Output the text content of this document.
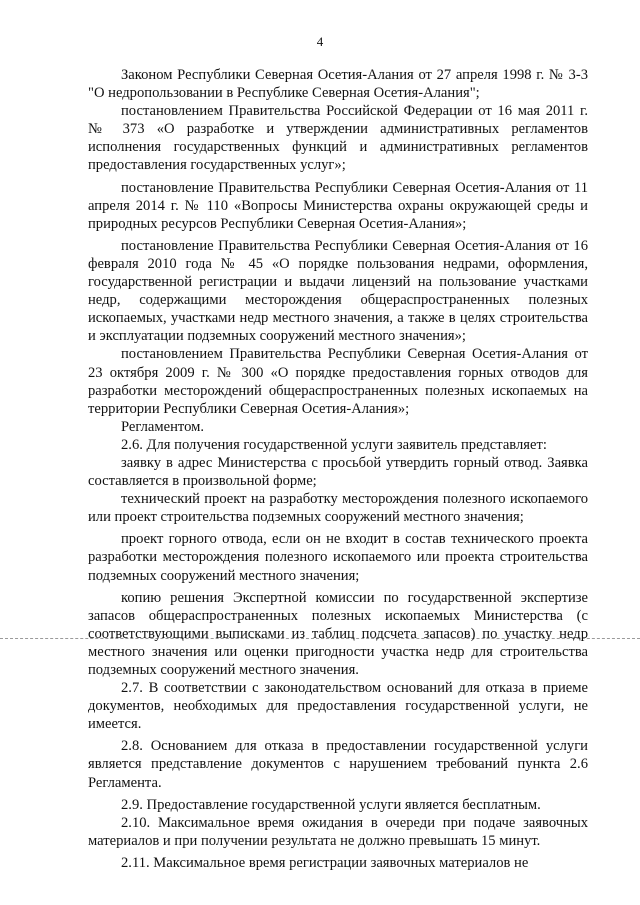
4

Законом Республики Северная Осетия-Алания от 27 апреля 1998 г. № 3-3 "О недропользовании в Республике Северная Осетия-Алания";

постановлением Правительства Российской Федерации от 16 мая 2011 г. № 373 «О разработке и утверждении административных регламентов исполнения государственных функций и административных регламентов предоставления государственных услуг»;

постановление Правительства Республики Северная Осетия-Алания от 11 апреля 2014 г. № 110 «Вопросы Министерства охраны окружающей среды и природных ресурсов Республики Северная Осетия-Алания»;

постановление Правительства Республики Северная Осетия-Алания от 16 февраля 2010 года № 45 «О порядке пользования недрами, оформления, государственной регистрации и выдачи лицензий на пользование участками недр, содержащими месторождения общераспространенных полезных ископаемых, участками недр местного значения, а также в целях строительства и эксплуатации подземных сооружений местного значения»;

постановлением Правительства Республики Северная Осетия-Алания от 23 октября 2009 г. № 300 «О порядке предоставления горных отводов для разработки месторождений общераспространенных полезных ископаемых на территории Республики Северная Осетия-Алания»;

Регламентом.

2.6. Для получения государственной услуги заявитель представляет:

заявку в адрес Министерства с просьбой утвердить горный отвод. Заявка составляется в произвольной форме;

технический проект на разработку месторождения полезного ископаемого или проект строительства подземных сооружений местного значения;

проект горного отвода, если он не входит в состав технического проекта разработки месторождения полезного ископаемого или проекта строительства подземных сооружений местного значения;

копию решения Экспертной комиссии по государственной экспертизе запасов общераспространенных полезных ископаемых Министерства (с соответствующими выписками из таблиц подсчета запасов) по участку недр местного значения или оценки пригодности участка недр для строительства подземных сооружений местного значения.

2.7. В соответствии с законодательством оснований для отказа в приеме документов, необходимых для предоставления государственной услуги, не имеется.

2.8. Основанием для отказа в предоставлении государственной услуги является представление документов с нарушением требований пункта 2.6 Регламента.

2.9. Предоставление государственной услуги является бесплатным.

2.10. Максимальное время ожидания в очереди при подаче заявочных материалов и при получении результата не должно превышать 15 минут.

2.11. Максимальное время регистрации заявочных материалов не
